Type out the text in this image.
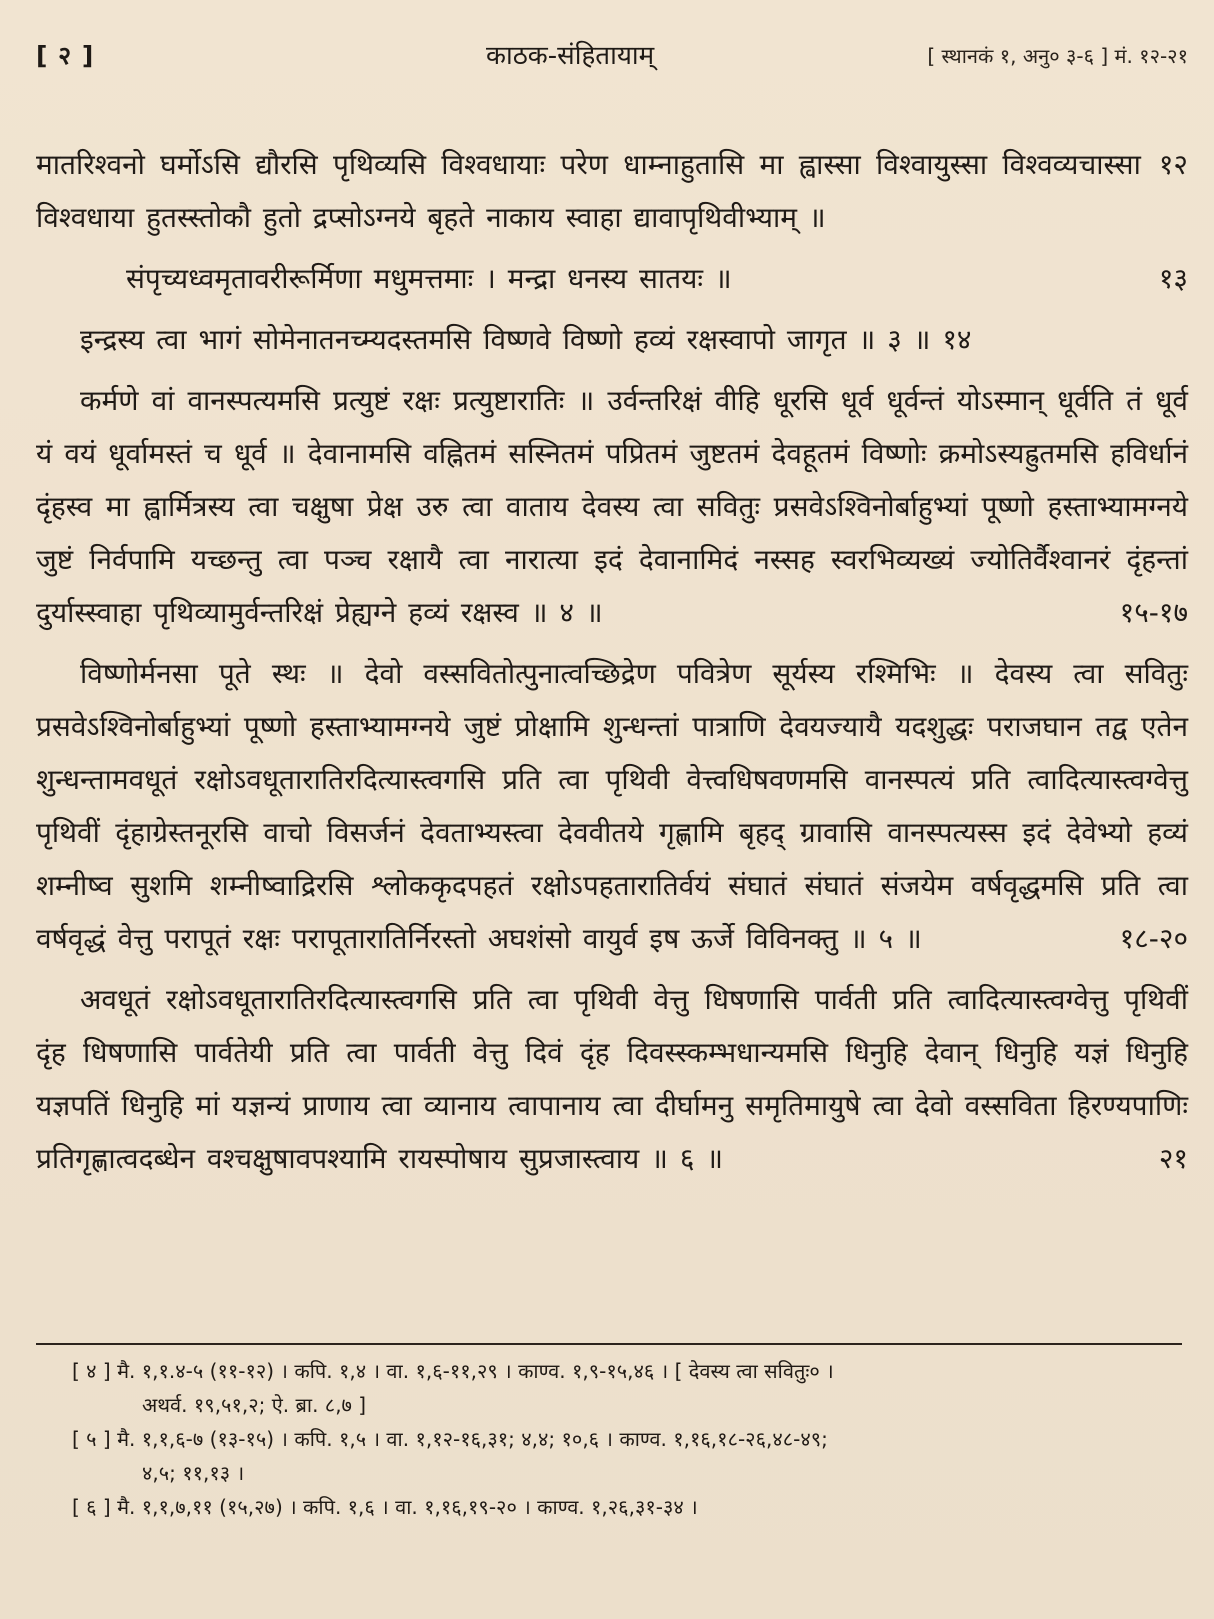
[ २ ]	काठक-संहितायाम्	[ स्थानकं १, अनु० ३-६ ] मं. १२-२१

१२
मातरिश्वनो घर्मोऽसि द्यौरसि पृथिव्यसि विश्वधायाः परेण धाम्नाहुतासि मा ह्वास्सा विश्वायुस्सा विश्वव्यचास्सा विश्वधाया हुतस्स्तोकौ हुतो द्रप्सोऽग्नये बृहते नाकाय स्वाहा द्यावापृथिवीभ्याम् ॥

१३
संपृच्यध्वमृतावरीरूर्मिणा मधुमत्तमाः । मन्द्रा धनस्य सातयः ॥

इन्द्रस्य त्वा भागं सोमेनातनच्म्यदस्तमसि विष्णवे विष्णो हव्यं रक्षस्वापो जागृत ॥ ३ ॥ १४

कर्मणे वां वानस्पत्यमसि प्रत्युष्टं रक्षः प्रत्युष्टारातिः ॥ उर्वन्तरिक्षं वीहि धूरसि धूर्व धूर्वन्तं योऽस्मान् धूर्वति तं धूर्व यं वयं धूर्वामस्तं च धूर्व ॥ देवानामसि वह्नितमं सस्नितमं पप्रितमं जुष्टतमं देवहूतमं विष्णोः क्रमोऽस्यह्रुतमसि हविर्धानं दृंहस्व मा ह्वार्मित्रस्य त्वा चक्षुषा प्रेक्ष उरु त्वा वाताय देवस्य त्वा सवितुः प्रसवेऽश्विनोर्बाहुभ्यां पूष्णो हस्ताभ्यामग्नये जुष्टं निर्वपामि यच्छन्तु त्वा पञ्च रक्षायै त्वा नारात्या इदं देवानामिदं नस्सह स्वरभिव्यख्यं ज्योतिर्वैश्वानरं दृंहन्तां दुर्यास्स्वाहा पृथिव्यामुर्वन्तरिक्षं प्रेह्यग्ने हव्यं रक्षस्व ॥ ४ ॥	१५-१७

विष्णोर्मनसा पूते स्थः ॥ देवो वस्सवितोत्पुनात्वच्छिद्रेण पवित्रेण सूर्यस्य रश्मिभिः ॥ देवस्य त्वा सवितुः प्रसवेऽश्विनोर्बाहुभ्यां पूष्णो हस्ताभ्यामग्नये जुष्टं प्रोक्षामि शुन्धन्तां पात्राणि देवयज्यायै यदशुद्धः पराजघान तद्व एतेन शुन्धन्तामवधूतं रक्षोऽवधूतारातिरदित्यास्त्वगसि प्रति त्वा पृथिवी वेत्त्वधिषवणमसि वानस्पत्यं प्रति त्वादित्यास्त्वग्वेत्तु पृथिवीं दृंहाग्रेस्तनूरसि वाचो विसर्जनं देवताभ्यस्त्वा देववीतये गृह्णामि बृहद् ग्रावासि वानस्पत्यस्स इदं देवेभ्यो हव्यं शम्नीष्व सुशमि शम्नीष्वाद्रिरसि श्लोककृदपहतं रक्षोऽपहतारातिर्वयं संघातं संघातं संजयेम वर्षवृद्धमसि प्रति त्वा वर्षवृद्धं वेत्तु परापूतं रक्षः परापूतारातिर्निरस्तो अघशंसो वायुर्व इष ऊर्जे विविनक्तु ॥ ५ ॥	१८-२०

अवधूतं रक्षोऽवधूतारातिरदित्यास्त्वगसि प्रति त्वा पृथिवी वेत्तु धिषणासि पार्वती प्रति त्वादित्यास्त्वग्वेत्तु पृथिवीं दृंह धिषणासि पार्वतेयी प्रति त्वा पार्वती वेत्तु दिवं दृंह दिवस्स्कम्भधान्यमसि धिनुहि देवान् धिनुहि यज्ञं धिनुहि यज्ञपतिं धिनुहि मां यज्ञन्यं प्राणाय त्वा व्यानाय त्वापानाय त्वा दीर्घामनु समृतिमायुषे त्वा देवो वस्सविता हिरण्यपाणिः प्रतिगृह्णात्वदब्धेन वश्चक्षुषावपश्यामि रायस्पोषाय सुप्रजास्त्वाय ॥ ६ ॥	२१

[ ४ ] मै. १,१.४-५ (११-१२) । कपि. १,४ । वा. १,६-११,२९ । काण्व. १,९-१५,४६ । [ देवस्य त्वा सवितुः० ।
अथर्व. १९,५१,२; ऐ. ब्रा. ८,७ ]
[ ५ ] मै. १,१,६-७ (१३-१५) । कपि. १,५ । वा. १,१२-१६,३१; ४,४; १०,६ । काण्व. १,१६,१८-२६,४८-४९;
४,५; ११,१३ ।
[ ६ ] मै. १,१,७,११ (१५,२७) । कपि. १,६ । वा. १,१६,१९-२० । काण्व. १,२६,३१-३४ ।
